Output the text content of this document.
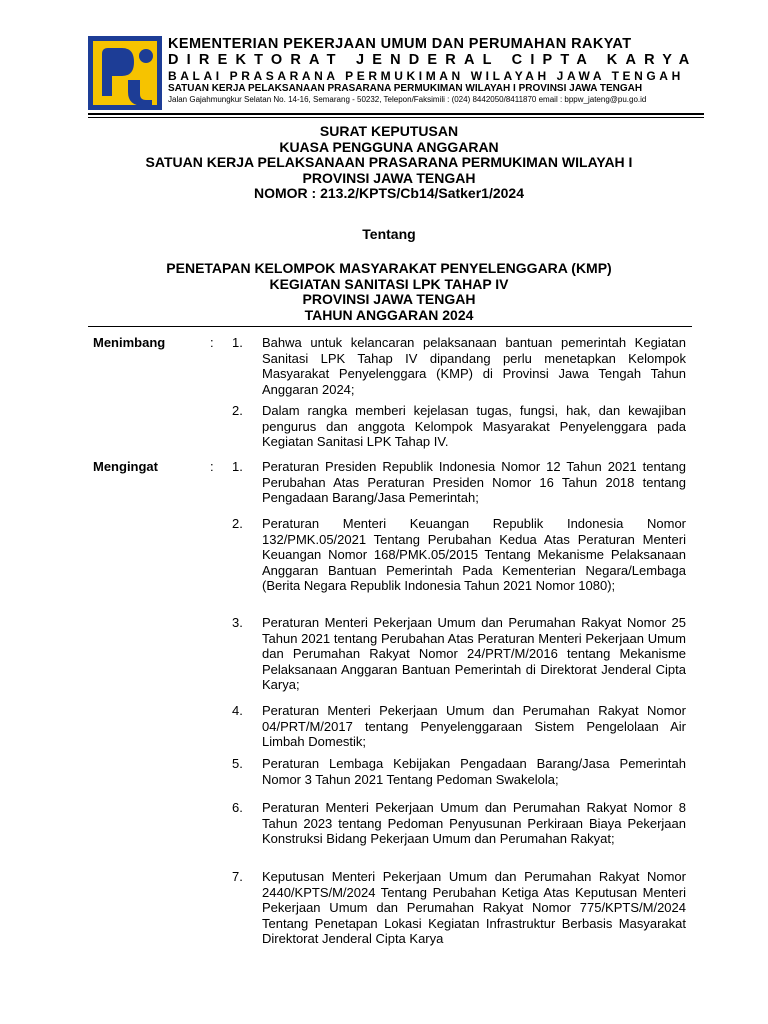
KEMENTERIAN PEKERJAAN UMUM DAN PERUMAHAN RAKYAT
DIREKTORAT JENDERAL CIPTA KARYA
BALAI PRASARANA PERMUKIMAN WILAYAH JAWA TENGAH
SATUAN KERJA PELAKSANAAN PRASARANA PERMUKIMAN WILAYAH I PROVINSI JAWA TENGAH
Jalan Gajahmungkur Selatan No. 14-16, Semarang - 50232, Telepon/Faksimili : (024) 8442050/8411870 email : bppw_jateng@pu.go.id
SURAT KEPUTUSAN
KUASA PENGGUNA ANGGARAN
SATUAN KERJA PELAKSANAAN PRASARANA PERMUKIMAN WILAYAH I
PROVINSI JAWA TENGAH
NOMOR : 213.2/KPTS/Cb14/Satker1/2024
Tentang
PENETAPAN KELOMPOK MASYARAKAT PENYELENGGARA (KMP)
KEGIATAN SANITASI LPK TAHAP IV
PROVINSI JAWA TENGAH
TAHUN ANGGARAN 2024
Menimbang	: 1. Bahwa untuk kelancaran pelaksanaan bantuan pemerintah Kegiatan Sanitasi LPK Tahap IV dipandang perlu menetapkan Kelompok Masyarakat Penyelenggara (KMP) di Provinsi Jawa Tengah Tahun Anggaran 2024;
2. Dalam rangka memberi kejelasan tugas, fungsi, hak, dan kewajiban pengurus dan anggota Kelompok Masyarakat Penyelenggara pada Kegiatan Sanitasi LPK Tahap IV.
Mengingat	: 1. Peraturan Presiden Republik Indonesia Nomor 12 Tahun 2021 tentang Perubahan Atas Peraturan Presiden Nomor 16 Tahun 2018 tentang Pengadaan Barang/Jasa Pemerintah;
2. Peraturan Menteri Keuangan Republik Indonesia Nomor 132/PMK.05/2021 Tentang Perubahan Kedua Atas Peraturan Menteri Keuangan Nomor 168/PMK.05/2015 Tentang Mekanisme Pelaksanaan Anggaran Bantuan Pemerintah Pada Kementerian Negara/Lembaga (Berita Negara Republik Indonesia Tahun 2021 Nomor 1080);
3. Peraturan Menteri Pekerjaan Umum dan Perumahan Rakyat Nomor 25 Tahun 2021 tentang Perubahan Atas Peraturan Menteri Pekerjaan Umum dan Perumahan Rakyat Nomor 24/PRT/M/2016 tentang Mekanisme Pelaksanaan Anggaran Bantuan Pemerintah di Direktorat Jenderal Cipta Karya;
4. Peraturan Menteri Pekerjaan Umum dan Perumahan Rakyat Nomor 04/PRT/M/2017 tentang Penyelenggaraan Sistem Pengelolaan Air Limbah Domestik;
5. Peraturan Lembaga Kebijakan Pengadaan Barang/Jasa Pemerintah Nomor 3 Tahun 2021 Tentang Pedoman Swakelola;
6. Peraturan Menteri Pekerjaan Umum dan Perumahan Rakyat Nomor 8 Tahun 2023 tentang Pedoman Penyusunan Perkiraan Biaya Pekerjaan Konstruksi Bidang Pekerjaan Umum dan Perumahan Rakyat;
7. Keputusan Menteri Pekerjaan Umum dan Perumahan Rakyat Nomor 2440/KPTS/M/2024 Tentang Perubahan Ketiga Atas Keputusan Menteri Pekerjaan Umum dan Perumahan Rakyat Nomor 775/KPTS/M/2024 Tentang Penetapan Lokasi Kegiatan Infrastruktur Berbasis Masyarakat Direktorat Jenderal Cipta Karya
